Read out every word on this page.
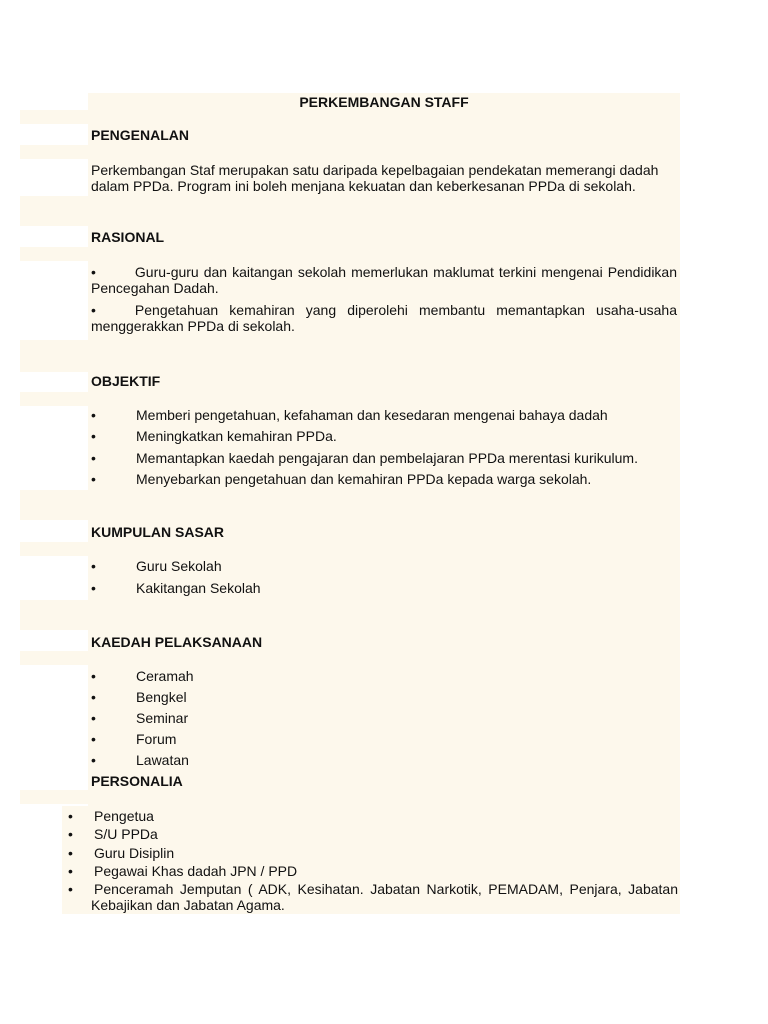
PERKEMBANGAN STAFF
PENGENALAN
Perkembangan Staf merupakan satu daripada kepelbagaian pendekatan memerangi dadah dalam PPDa. Program ini boleh menjana kekuatan dan keberkesanan PPDa di sekolah.
RASIONAL
•	Guru-guru dan kaitangan sekolah memerlukan maklumat terkini mengenai Pendidikan Pencegahan Dadah.
•	Pengetahuan kemahiran yang diperolehi membantu memantapkan usaha-usaha menggerakkan PPDa di sekolah.
OBJEKTIF
•	Memberi pengetahuan, kefahaman dan kesedaran mengenai bahaya dadah
•	Meningkatkan kemahiran PPDa.
•	Memantapkan kaedah pengajaran dan pembelajaran PPDa merentasi kurikulum.
•	Menyebarkan pengetahuan dan kemahiran PPDa kepada warga sekolah.
KUMPULAN SASAR
•	Guru Sekolah
•	Kakitangan Sekolah
KAEDAH PELAKSANAAN
•	Ceramah
•	Bengkel
•	Seminar
•	Forum
•	Lawatan
PERSONALIA
• Pengetua
• S/U PPDa
• Guru Disiplin
• Pegawai Khas dadah JPN / PPD
• Penceramah Jemputan ( ADK, Kesihatan. Jabatan Narkotik, PEMADAM, Penjara, Jabatan Kebajikan dan Jabatan Agama.
